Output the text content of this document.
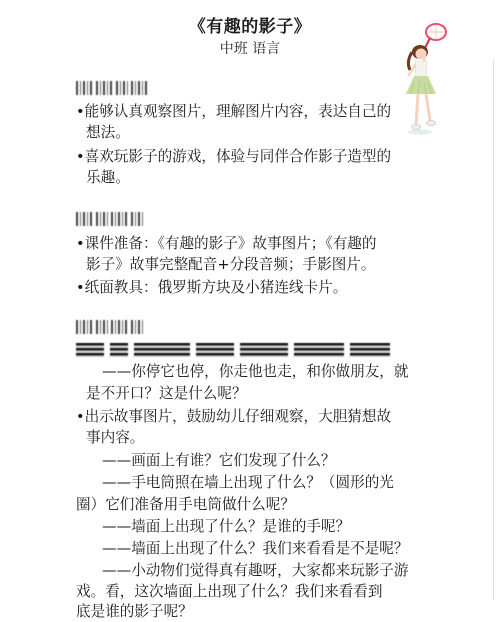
《有趣的影子》
中班 语言
•能够认真观察图片，理解图片内容，表达自己的
想法。
•喜欢玩影子的游戏，体验与同伴合作影子造型的
乐趣。
•课件准备：《有趣的影子》故事图片；《有趣的
影子》故事完整配音+分段音频；手影图片。
•纸面教具：俄罗斯方块及小猪连线卡片。
——你停它也停，你走他也走，和你做朋友，就
是不开口？这是什么呢？
•出示故事图片，鼓励幼儿仔细观察，大胆猜想故
事内容。
——画面上有谁？它们发现了什么？
——手电筒照在墙上出现了什么？（圆形的光
圈）它们准备用手电筒做什么呢？
——墙面上出现了什么？是谁的手呢？
——墙面上出现了什么？我们来看看是不是呢？
——小动物们觉得真有趣呀，大家都来玩影子游
戏。看，这次墙面上出现了什么？我们来看看到
底是谁的影子呢？
